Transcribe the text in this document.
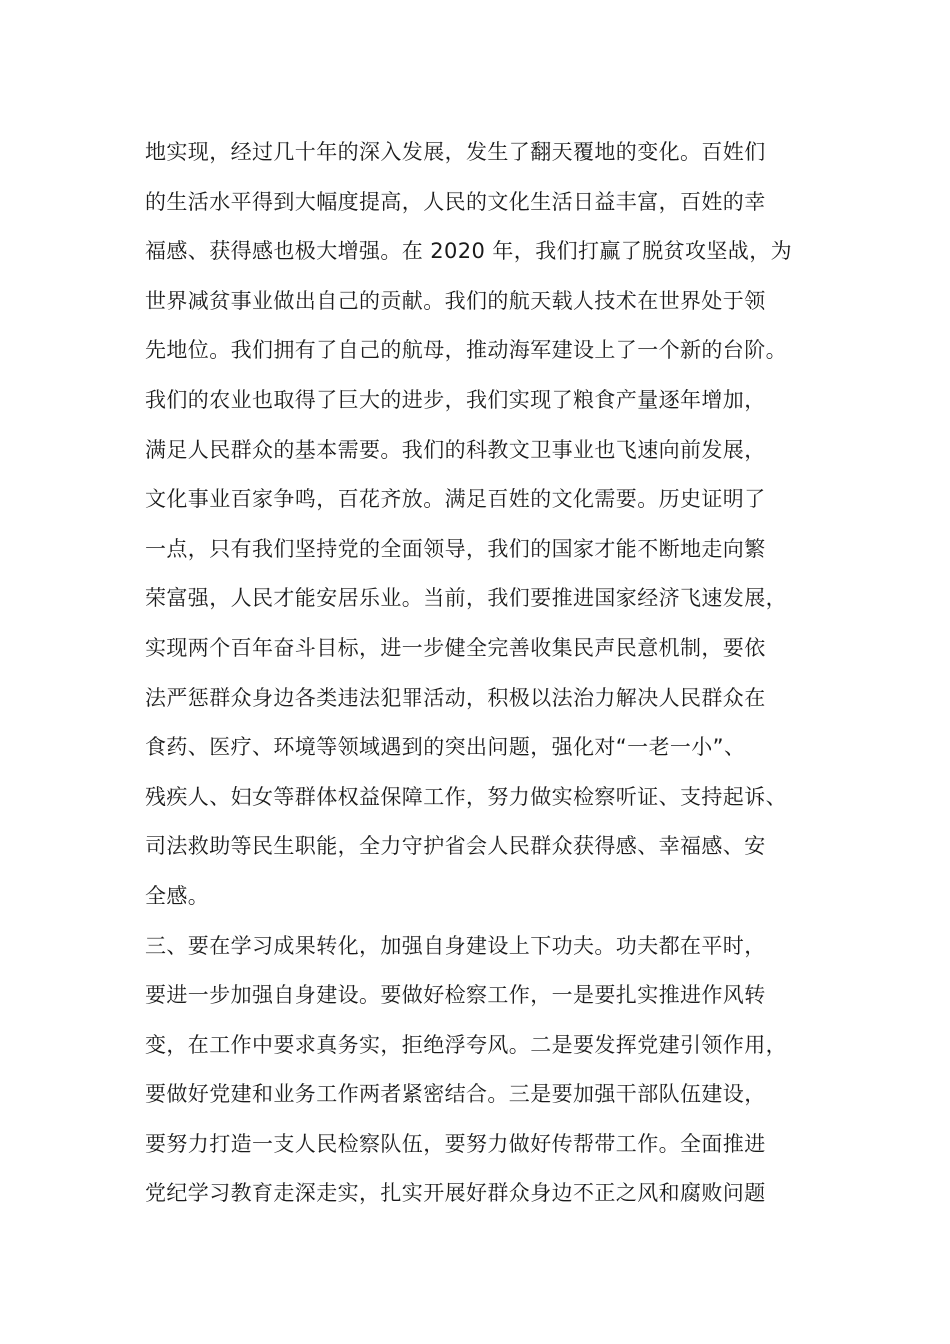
地实现，经过几十年的深入发展，发生了翻天覆地的变化。百姓们
的生活水平得到大幅度提高，人民的文化生活日益丰富，百姓的幸
福感、获得感也极大增强。在 2020 年，我们打赢了脱贫攻坚战，为
世界减贫事业做出自己的贡献。我们的航天载人技术在世界处于领
先地位。我们拥有了自己的航母，推动海军建设上了一个新的台阶。
我们的农业也取得了巨大的进步，我们实现了粮食产量逐年增加，
满足人民群众的基本需要。我们的科教文卫事业也飞速向前发展，
文化事业百家争鸣，百花齐放。满足百姓的文化需要。历史证明了
一点，只有我们坚持党的全面领导，我们的国家才能不断地走向繁
荣富强，人民才能安居乐业。当前，我们要推进国家经济飞速发展，
实现两个百年奋斗目标，进一步健全完善收集民声民意机制，要依
法严惩群众身边各类违法犯罪活动，积极以法治力解决人民群众在
食药、医疗、环境等领域遇到的突出问题，强化对“一老一小”、
残疾人、妇女等群体权益保障工作，努力做实检察听证、支持起诉、
司法救助等民生职能，全力守护省会人民群众获得感、幸福感、安
全感。
三、要在学习成果转化，加强自身建设上下功夫。功夫都在平时，
要进一步加强自身建设。要做好检察工作，一是要扎实推进作风转
变，在工作中要求真务实，拒绝浮夸风。二是要发挥党建引领作用，
要做好党建和业务工作两者紧密结合。三是要加强干部队伍建设，
要努力打造一支人民检察队伍，要努力做好传帮带工作。全面推进
党纪学习教育走深走实，扎实开展好群众身边不正之风和腐败问题
